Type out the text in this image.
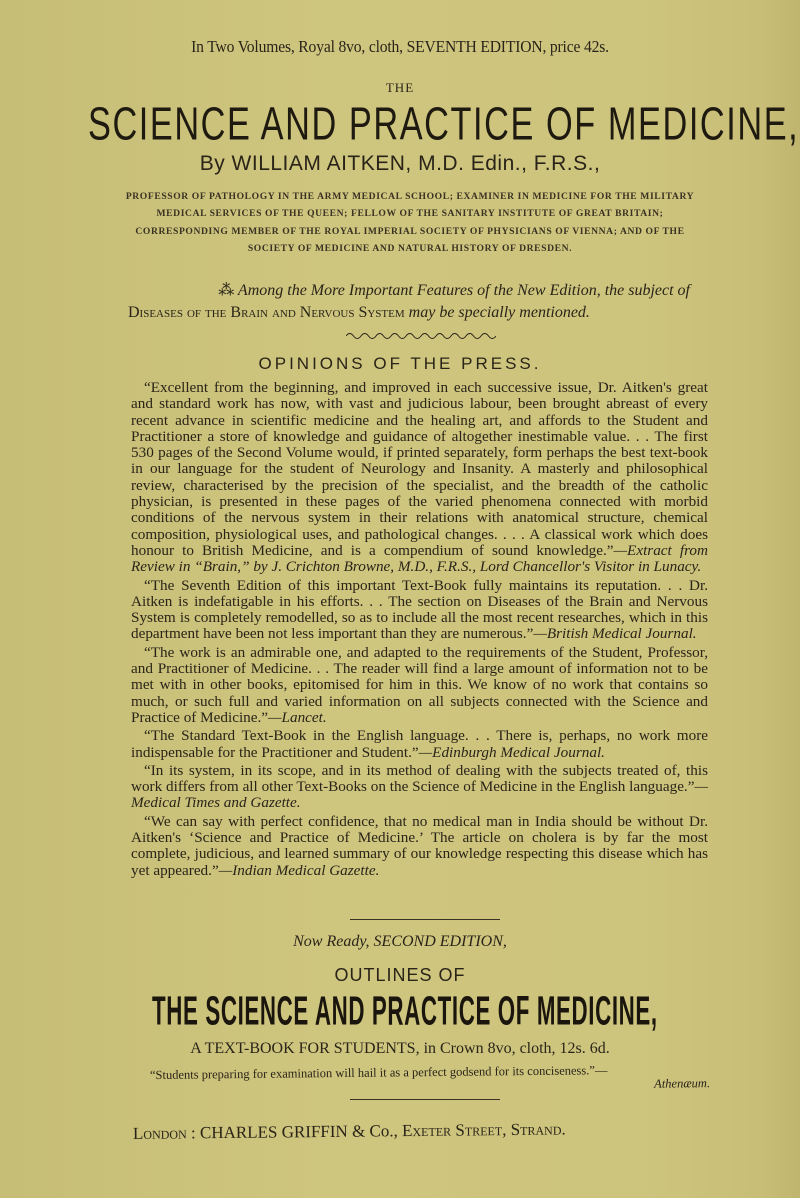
In Two Volumes, Royal 8vo, cloth, SEVENTH EDITION, price 42s.
THE
SCIENCE AND PRACTICE OF MEDICINE,
By WILLIAM AITKEN, M.D. Edin., F.R.S.,
PROFESSOR OF PATHOLOGY IN THE ARMY MEDICAL SCHOOL; EXAMINER IN MEDICINE FOR THE MILITARY MEDICAL SERVICES OF THE QUEEN; FELLOW OF THE SANITARY INSTITUTE OF GREAT BRITAIN; CORRESPONDING MEMBER OF THE ROYAL IMPERIAL SOCIETY OF PHYSICIANS OF VIENNA; AND OF THE SOCIETY OF MEDICINE AND NATURAL HISTORY OF DRESDEN.
⁂ Among the More Important Features of the New Edition, the subject of
Diseases of the Brain and Nervous System may be specially mentioned.
OPINIONS OF THE PRESS.

“Excellent from the beginning, and improved in each successive issue, Dr. Aitken's great and standard work has now, with vast and judicious labour, been brought abreast of every recent advance in scientific medicine and the healing art, and affords to the Student and Practitioner a store of knowledge and guidance of altogether inestimable value. . . The first 530 pages of the Second Volume would, if printed separately, form perhaps the best text-book in our language for the student of Neurology and Insanity. A masterly and philosophical review, characterised by the precision of the specialist, and the breadth of the catholic physician, is presented in these pages of the varied phenomena connected with morbid conditions of the nervous system in their relations with anatomical structure, chemical composition, physiological uses, and pathological changes. . . . A classical work which does honour to British Medicine, and is a compendium of sound knowledge.”—Extract from Review in “Brain,” by J. Crichton Browne, M.D., F.R.S., Lord Chancellor's Visitor in Lunacy.

“The Seventh Edition of this important Text-Book fully maintains its reputation. . . Dr. Aitken is indefatigable in his efforts. . . The section on Diseases of the Brain and Nervous System is completely remodelled, so as to include all the most recent researches, which in this department have been not less important than they are numerous.”—British Medical Journal.

“The work is an admirable one, and adapted to the requirements of the Student, Professor, and Practitioner of Medicine. . . The reader will find a large amount of information not to be met with in other books, epitomised for him in this. We know of no work that contains so much, or such full and varied information on all subjects connected with the Science and Practice of Medicine.”—Lancet.

“The Standard Text-Book in the English language. . . There is, perhaps, no work more indispensable for the Practitioner and Student.”—Edinburgh Medical Journal.

“In its system, in its scope, and in its method of dealing with the subjects treated of, this work differs from all other Text-Books on the Science of Medicine in the English language.”—Medical Times and Gazette.

“We can say with perfect confidence, that no medical man in India should be without Dr. Aitken's ‘Science and Practice of Medicine.’ The article on cholera is by far the most complete, judicious, and learned summary of our knowledge respecting this disease which has yet appeared.”—Indian Medical Gazette.

Now Ready, SECOND EDITION,
OUTLINES OF
THE SCIENCE AND PRACTICE OF MEDICINE,
A TEXT-BOOK FOR STUDENTS, in Crown 8vo, cloth, 12s. 6d.
“Students preparing for examination will hail it as a perfect godsend for its conciseness.”—
Athenæum.
London : CHARLES GRIFFIN & Co., Exeter Street, Strand.
